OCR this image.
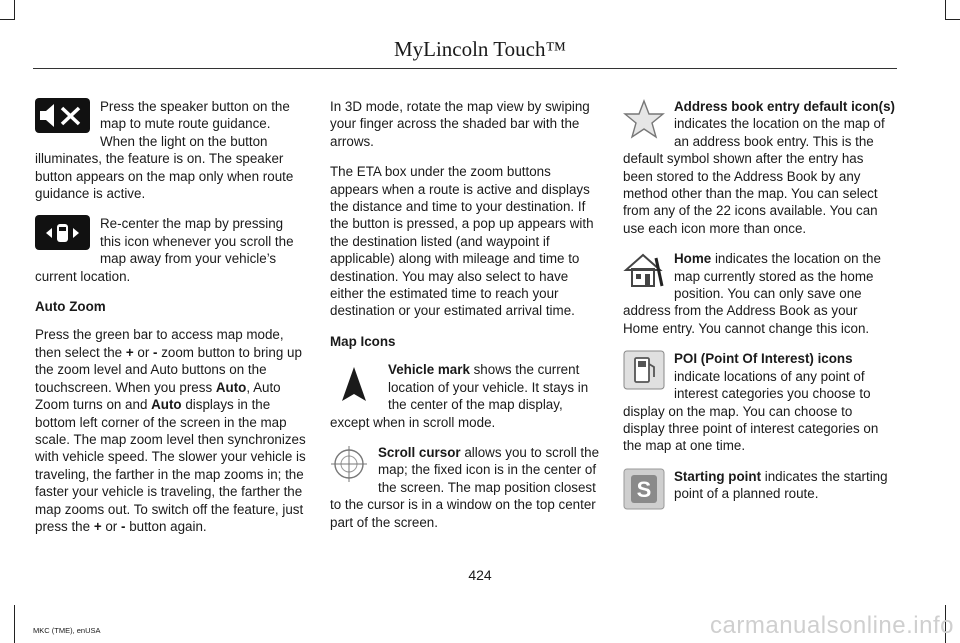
MyLincoln Touch™
Press the speaker button on the map to mute route guidance. When the light on the button illuminates, the feature is on. The speaker button appears on the map only when route guidance is active.
Re-center the map by pressing this icon whenever you scroll the map away from your vehicle’s current location.

Auto Zoom

Press the green bar to access map mode, then select the + or - zoom button to bring up the zoom level and Auto buttons on the touchscreen. When you press Auto, Auto Zoom turns on and Auto displays in the bottom left corner of the screen in the map scale. The map zoom level then synchronizes with vehicle speed. The slower your vehicle is traveling, the farther in the map zooms in; the faster your vehicle is traveling, the farther the map zooms out. To switch off the feature, just press the + or - button again.

In 3D mode, rotate the map view by swiping your finger across the shaded bar with the arrows.

The ETA box under the zoom buttons appears when a route is active and displays the distance and time to your destination. If the button is pressed, a pop up appears with the destination listed (and waypoint if applicable) along with mileage and time to destination. You may also select to have either the estimated time to reach your destination or your estimated arrival time.

Map Icons

Vehicle mark shows the current location of your vehicle. It stays in the center of the map display, except when in scroll mode.
Scroll cursor allows you to scroll the map; the fixed icon is in the center of the screen. The map position closest to the cursor is in a window on the top center part of the screen.
Address book entry default icon(s) indicates the location on the map of an address book entry. This is the default symbol shown after the entry has been stored to the Address Book by any method other than the map. You can select from any of the 22 icons available. You can use each icon more than once.
Home indicates the location on the map currently stored as the home position. You can only save one address from the Address Book as your Home entry. You cannot change this icon.
POI (Point Of Interest) icons indicate locations of any point of interest categories you choose to display on the map. You can choose to display three point of interest categories on the map at one time.
S
Starting point indicates the starting point of a planned route.
424
MKC (TME), enUSA	carmanualsonline.info
